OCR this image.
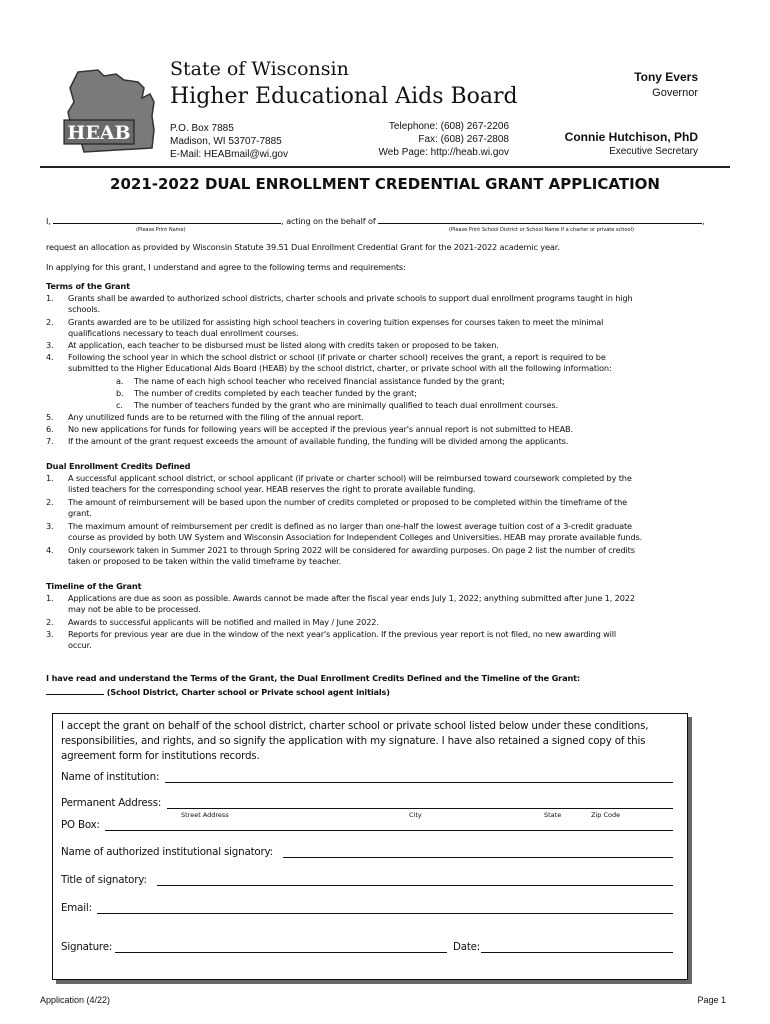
HEAB
State of Wisconsin
Higher Educational Aids Board
P.O. Box 7885
Madison, WI 53707-7885
E-Mail: HEABmail@wi.gov
Telephone: (608) 267-2206
Fax: (608) 267-2808
Web Page: http://heab.wi.gov
Tony Evers
Governor
Connie Hutchison, PhD
Executive Secretary
2021-2022 DUAL ENROLLMENT CREDENTIAL GRANT APPLICATION
I,	, acting on the behalf of	,
(Please Print Name)	(Please Print School District or School Name if a charter or private school)
request an allocation as provided by Wisconsin Statute 39.51 Dual Enrollment Credential Grant for the 2021-2022 academic year.
In applying for this grant, I understand and agree to the following terms and requirements:
Terms of the Grant
1. Grants shall be awarded to authorized school districts, charter schools and private schools to support dual enrollment programs taught in high
schools.
2. Grants awarded are to be utilized for assisting high school teachers in covering tuition expenses for courses taken to meet the minimal
qualifications necessary to teach dual enrollment courses.
3. At application, each teacher to be disbursed must be listed along with credits taken or proposed to be taken.
4. Following the school year in which the school district or school (if private or charter school) receives the grant, a report is required to be
submitted to the Higher Educational Aids Board (HEAB) by the school district, charter, or private school with all the following information:
a. The name of each high school teacher who received financial assistance funded by the grant;
b. The number of credits completed by each teacher funded by the grant;
c. The number of teachers funded by the grant who are minimally qualified to teach dual enrollment courses.
5. Any unutilized funds are to be returned with the filing of the annual report.
6. No new applications for funds for following years will be accepted if the previous year's annual report is not submitted to HEAB.
7. If the amount of the grant request exceeds the amount of available funding, the funding will be divided among the applicants.
Dual Enrollment Credits Defined
1. A successful applicant school district, or school applicant (if private or charter school) will be reimbursed toward coursework completed by the
listed teachers for the corresponding school year. HEAB reserves the right to prorate available funding.
2. The amount of reimbursement will be based upon the number of credits completed or proposed to be completed within the timeframe of the
grant.
3. The maximum amount of reimbursement per credit is defined as no larger than one-half the lowest average tuition cost of a 3-credit graduate
course as provided by both UW System and Wisconsin Association for Independent Colleges and Universities. HEAB may prorate available funds.
4. Only coursework taken in Summer 2021 to through Spring 2022 will be considered for awarding purposes. On page 2 list the number of credits
taken or proposed to be taken within the valid timeframe by teacher.
Timeline of the Grant
1. Applications are due as soon as possible. Awards cannot be made after the fiscal year ends July 1, 2022; anything submitted after June 1, 2022
may not be able to be processed.
2. Awards to successful applicants will be notified and mailed in May / June 2022.
3. Reports for previous year are due in the window of the next year's application. If the previous year report is not filed, no new awarding will
occur.
I have read and understand the Terms of the Grant, the Dual Enrollment Credits Defined and the Timeline of the Grant:
(School District, Charter school or Private school agent initials)
I accept the grant on behalf of the school district, charter school or private school listed below under these conditions,
responsibilities, and rights, and so signify the application with my signature. I have also retained a signed copy of this
agreement form for institutions records.
Name of institution:
Permanent Address:
Street Address	City	State	Zip Code
PO Box:
Name of authorized institutional signatory:
Title of signatory:
Email:
Signature:	Date:
Application (4/22)	Page 1
